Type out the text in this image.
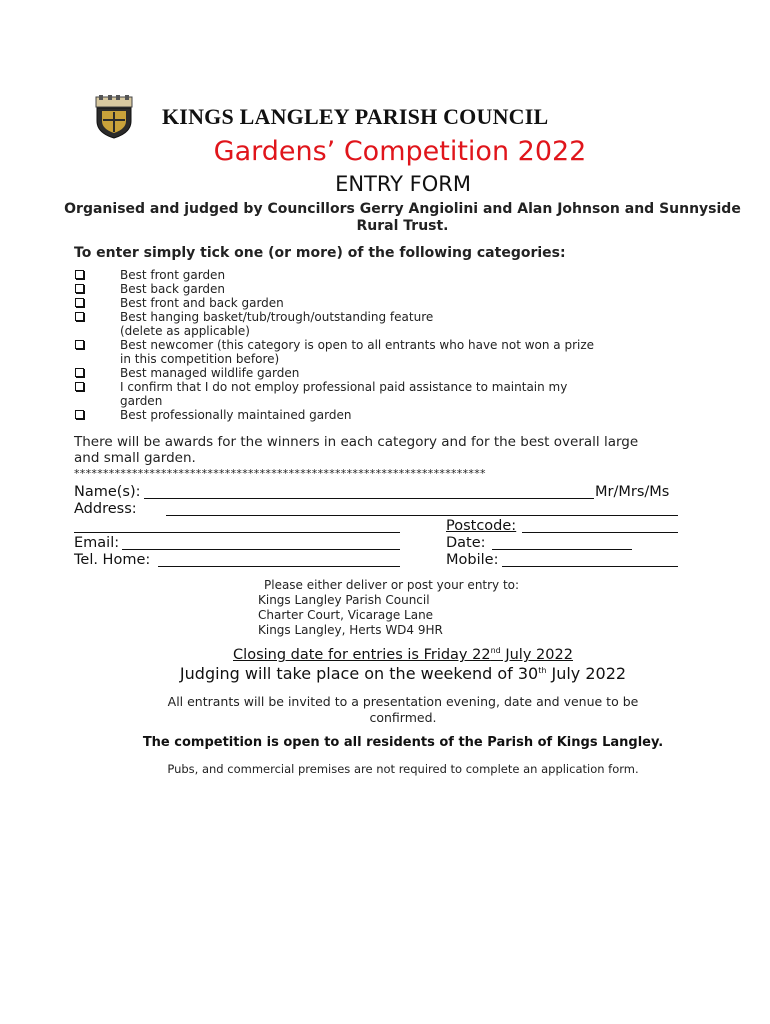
KINGS LANGLEY PARISH COUNCIL
Gardens’ Competition 2022
ENTRY FORM
Organised and judged by Councillors Gerry Angiolini and Alan Johnson and Sunnyside Rural Trust.
To enter simply tick one (or more) of the following categories:
Best front garden
Best back garden
Best front and back garden
Best hanging basket/tub/trough/outstanding feature
(delete as applicable)
Best newcomer (this category is open to all entrants who have not won a prize
in this competition before)
Best managed wildlife garden
I confirm that I do not employ professional paid assistance to maintain my
garden
Best professionally maintained garden
There will be awards for the winners in each category and for the best overall large and small garden.
***********************************************************************
Name(s):	Mr/Mrs/Ms
Address:
Postcode:
Email:	Date:
Tel. Home:	Mobile:
Please either deliver or post your entry to:
Kings Langley Parish Council
Charter Court, Vicarage Lane
Kings Langley, Herts WD4 9HR
Closing date for entries is Friday 22nd July 2022
Judging will take place on the weekend of 30th July 2022
All entrants will be invited to a presentation evening, date and venue to be confirmed.
The competition is open to all residents of the Parish of Kings Langley.
Pubs, and commercial premises are not required to complete an application form.
